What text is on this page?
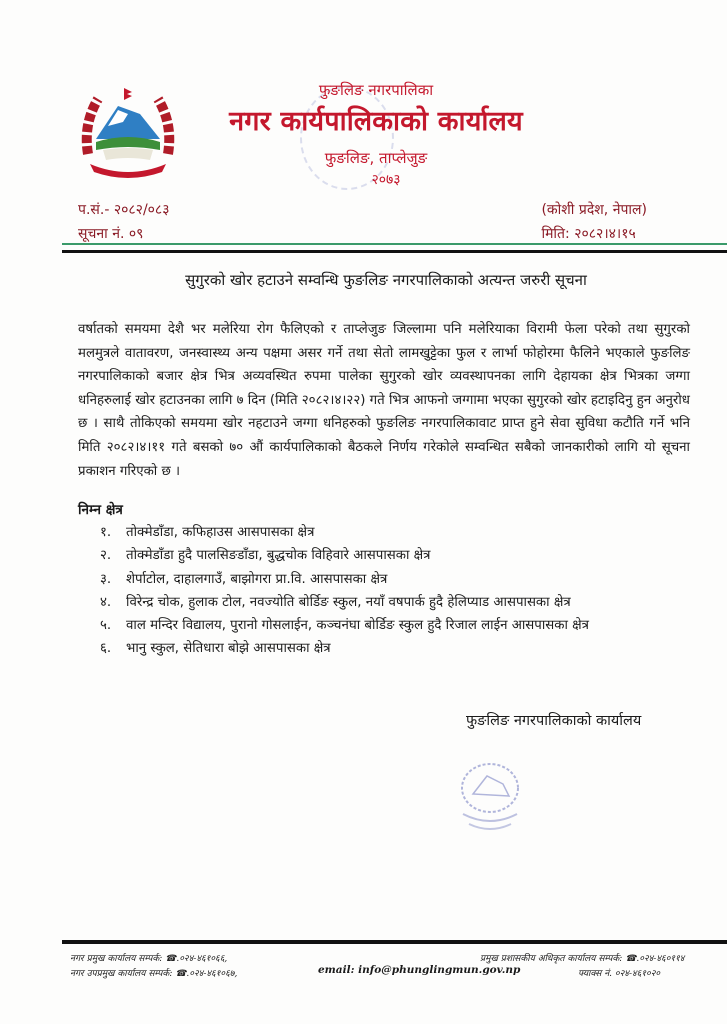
फुङलिङ नगरपालिका
नगर कार्यपालिकाको कार्यालय
फुङलिङ, ताप्लेजुङ
२०७३
प.सं.- २०८२/०८३
सूचना नं. ०९
(कोशी प्रदेश, नेपाल)
मिति: २०८२।४।१५
सुगुरको खोर हटाउने सम्वन्धि फुङलिङ नगरपालिकाको अत्यन्त जरुरी सूचना
वर्षातको समयमा देशै भर मलेरिया रोग फैलिएको र ताप्लेजुङ जिल्लामा पनि मलेरियाका विरामी फेला परेको तथा सुगुरको मलमुत्रले वातावरण, जनस्वास्थ्य अन्य पक्षमा असर गर्ने तथा सेतो लामखुट्टेका फुल र लार्भा फोहोरमा फैलिने भएकाले फुङलिङ नगरपालिकाको बजार क्षेत्र भित्र अव्यवस्थित रुपमा पालेका सुगुरको खोर व्यवस्थापनका लागि देहायका क्षेत्र भित्रका जग्गा धनिहरुलाई खोर हटाउनका लागि ७ दिन (मिति २०८२।४।२२) गते भित्र आफनो जग्गामा भएका सुगुरको खोर हटाइदिनु हुन अनुरोध छ । साथै तोकिएको समयमा खोर नहटाउने जग्गा धनिहरुको फुङलिङ नगरपालिकावाट प्राप्त हुने सेवा सुविधा कटौति गर्ने भनि मिति २०८२।४।११ गते बसको ७० औं कार्यपालिकाको बैठकले निर्णय गरेकोले सम्वन्धित सबैको जानकारीको लागि यो सूचना प्रकाशन गरिएको छ ।
निम्न क्षेत्र
१. तोक्मेडाँडा, कफिहाउस आसपासका क्षेत्र
२. तोक्मेडाँडा हुदै पालसिङडाँडा, बुद्धचोक विहिवारे आसपासका क्षेत्र
३. शेर्पाटोल, दाहालगाउँ, बाझोगरा प्रा.वि. आसपासका क्षेत्र
४. विरेन्द्र चोक, हुलाक टोल, नवज्योति बोर्डिङ स्कुल, नयाँ वषपार्क हुदै हेलिप्याड आसपासका क्षेत्र
५. वाल मन्दिर विद्यालय, पुरानो गोसलाईन, कञ्चनंघा बोर्डिङ स्कुल हुदै रिजाल लाईन आसपासका क्षेत्र
६. भानु स्कुल, सेतिधारा बोझे आसपासका क्षेत्र
फुङलिङ नगरपालिकाको कार्यालय
नगर प्रमुख कार्यालय सम्पर्क: ☎.०२४-४६१०६६,
नगर उपप्रमुख कार्यालय सम्पर्क: ☎.०२४-४६१०६७,	email: info@phunglingmun.gov.np
प्रमुख प्रशासकीय अधिकृत कार्यालय सम्पर्क: ☎.०२४-४६०११४
फ्याक्स नं. ०२४-४६१०२०
